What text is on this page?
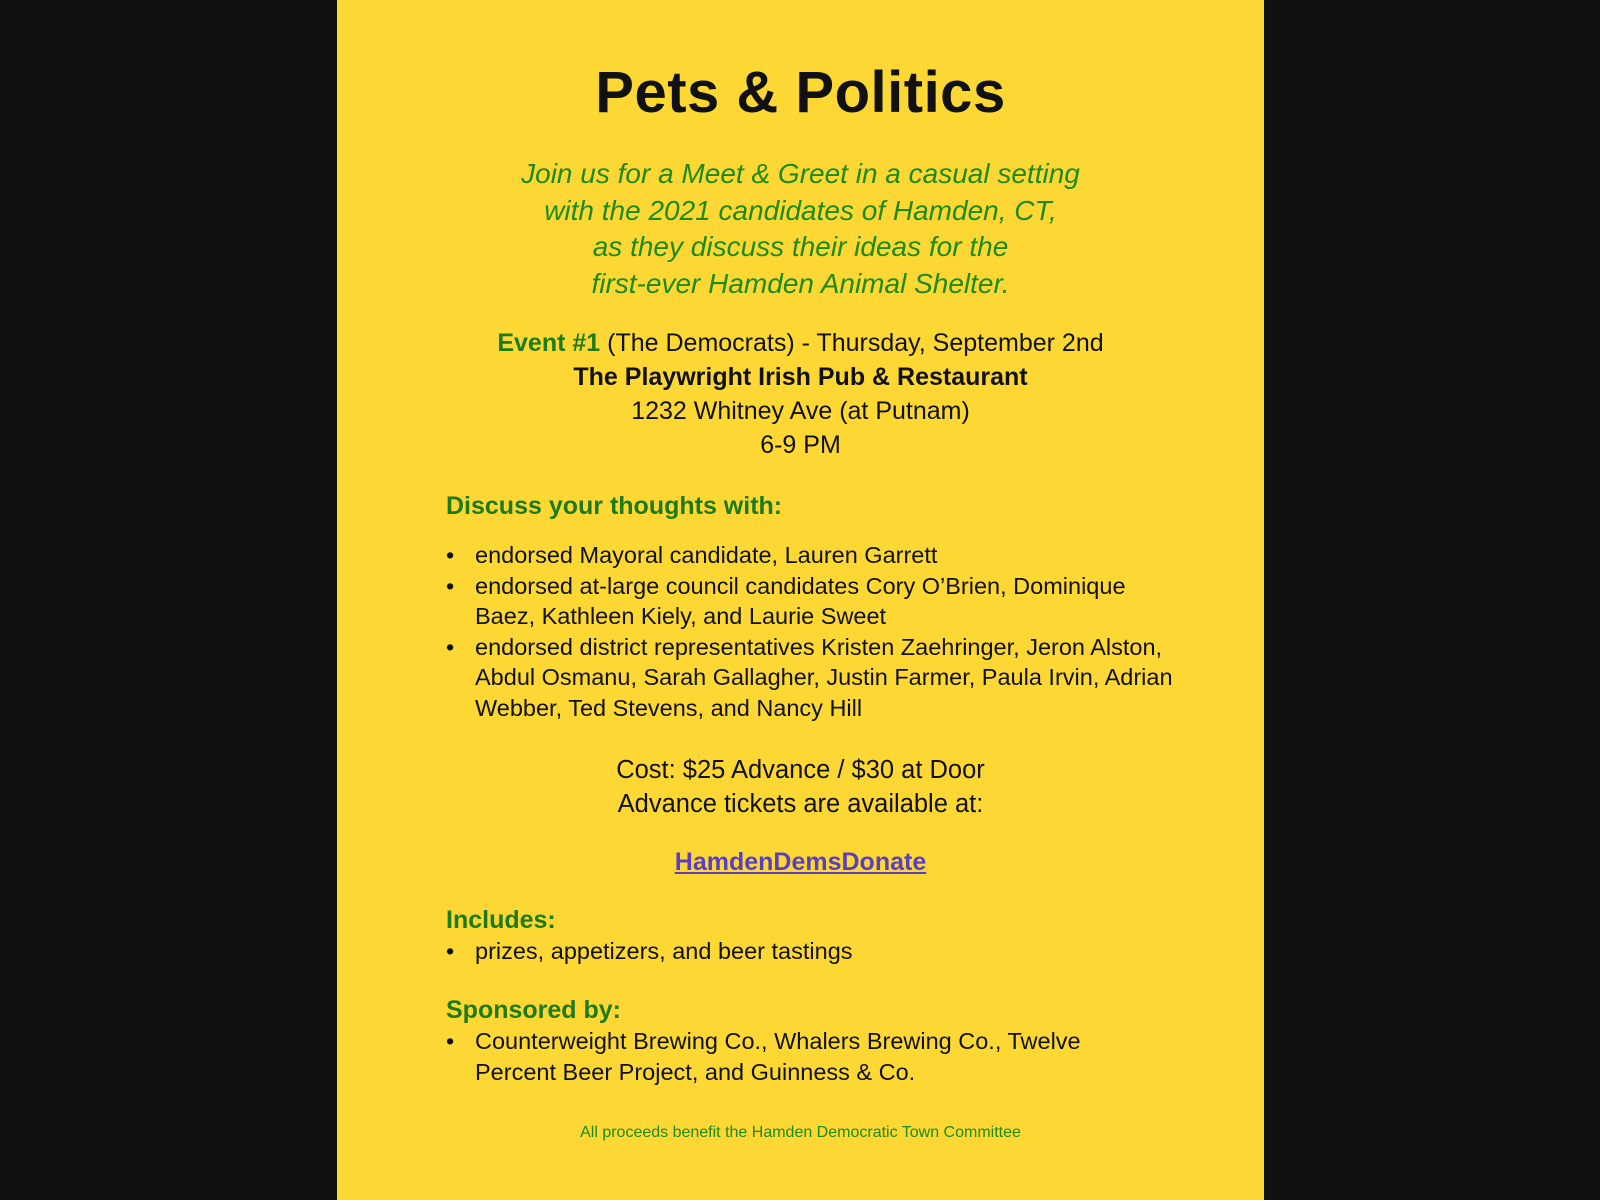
Pets & Politics
Join us for a Meet & Greet in a casual setting
with the 2021 candidates of Hamden, CT,
as they discuss their ideas for the
first-ever Hamden Animal Shelter.
Event #1 (The Democrats) - Thursday, September 2nd
The Playwright Irish Pub & Restaurant
1232 Whitney Ave (at Putnam)
6-9 PM
Discuss your thoughts with:
• endorsed Mayoral candidate, Lauren Garrett
• endorsed at-large council candidates Cory O’Brien, Dominique Baez, Kathleen Kiely, and Laurie Sweet
• endorsed district representatives Kristen Zaehringer, Jeron Alston, Abdul Osmanu, Sarah Gallagher, Justin Farmer, Paula Irvin, Adrian Webber, Ted Stevens, and Nancy Hill
Cost: $25 Advance / $30 at Door
Advance tickets are available at:
HamdenDemsDonate
Includes:
• prizes, appetizers, and beer tastings
Sponsored by:
• Counterweight Brewing Co., Whalers Brewing Co., Twelve Percent Beer Project, and Guinness & Co.
All proceeds benefit the Hamden Democratic Town Committee
